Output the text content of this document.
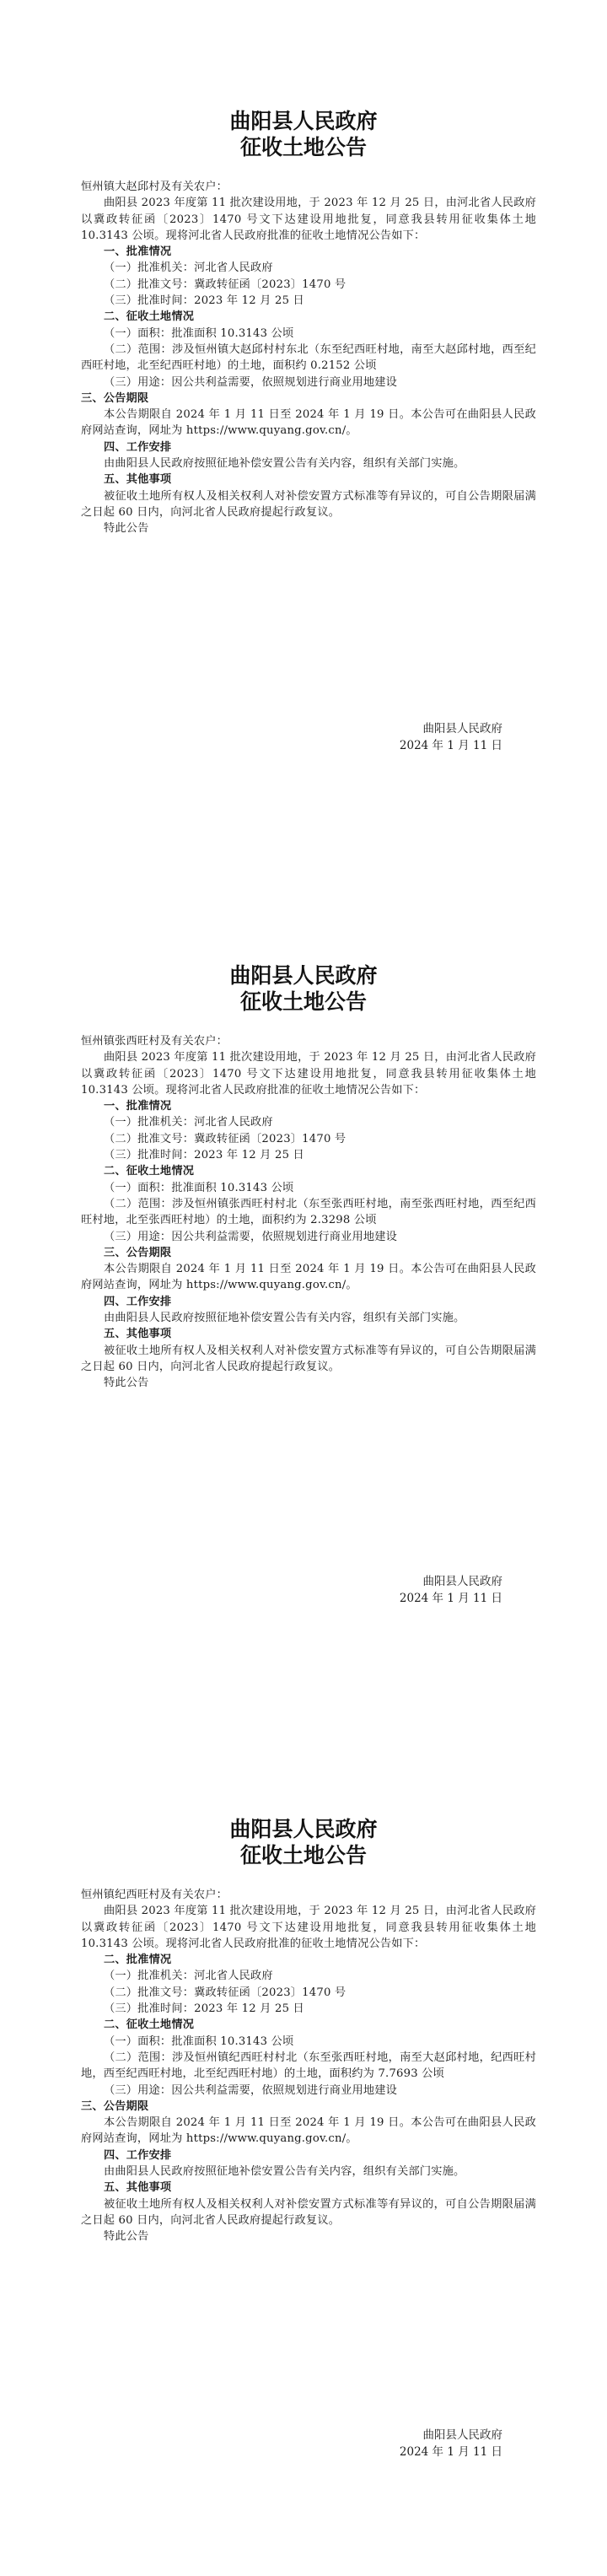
曲阳县人民政府
征收土地公告

恒州镇大赵邱村及有关农户：

曲阳县 2023 年度第 11 批次建设用地，于 2023 年 12 月 25 日，由河北省人民政府以冀政转征函〔2023〕1470 号文下达建设用地批复，同意我县转用征收集体土地 10.3143 公顷。现将河北省人民政府批准的征收土地情况公告如下：

一、批准情况

（一）批准机关：河北省人民政府

（二）批准文号：冀政转征函〔2023〕1470 号

（三）批准时间：2023 年 12 月 25 日

二、征收土地情况

（一）面积：批准面积 10.3143 公顷

（二）范围：涉及恒州镇大赵邱村村东北（东至纪西旺村地，南至大赵邱村地，西至纪西旺村地，北至纪西旺村地）的土地，面积约 0.2152 公顷

（三）用途：因公共利益需要，依照规划进行商业用地建设

三、公告期限

本公告期限自 2024 年 1 月 11 日至 2024 年 1 月 19 日。本公告可在曲阳县人民政府网站查询，网址为 https://www.quyang.gov.cn/。

四、工作安排

由曲阳县人民政府按照征地补偿安置公告有关内容，组织有关部门实施。

五、其他事项

被征收土地所有权人及相关权利人对补偿安置方式标准等有异议的，可自公告期限届满之日起 60 日内，向河北省人民政府提起行政复议。

特此公告

曲阳县人民政府
2024 年 1 月 11 日
曲阳县人民政府
征收土地公告

恒州镇张西旺村及有关农户：

曲阳县 2023 年度第 11 批次建设用地，于 2023 年 12 月 25 日，由河北省人民政府以冀政转征函〔2023〕1470 号文下达建设用地批复，同意我县转用征收集体土地 10.3143 公顷。现将河北省人民政府批准的征收土地情况公告如下：

一、批准情况

（一）批准机关：河北省人民政府

（二）批准文号：冀政转征函〔2023〕1470 号

（三）批准时间：2023 年 12 月 25 日

二、征收土地情况

（一）面积：批准面积 10.3143 公顷

（二）范围：涉及恒州镇张西旺村村北（东至张西旺村地，南至张西旺村地，西至纪西旺村地，北至张西旺村地）的土地，面积约为 2.3298 公顷

（三）用途：因公共利益需要，依照规划进行商业用地建设

三、公告期限

本公告期限自 2024 年 1 月 11 日至 2024 年 1 月 19 日。本公告可在曲阳县人民政府网站查询，网址为 https://www.quyang.gov.cn/。

四、工作安排

由曲阳县人民政府按照征地补偿安置公告有关内容，组织有关部门实施。

五、其他事项

被征收土地所有权人及相关权利人对补偿安置方式标准等有异议的，可自公告期限届满之日起 60 日内，向河北省人民政府提起行政复议。

特此公告

曲阳县人民政府
2024 年 1 月 11 日
曲阳县人民政府
征收土地公告

恒州镇纪西旺村及有关农户：

曲阳县 2023 年度第 11 批次建设用地，于 2023 年 12 月 25 日，由河北省人民政府以冀政转征函〔2023〕1470 号文下达建设用地批复，同意我县转用征收集体土地 10.3143 公顷。现将河北省人民政府批准的征收土地情况公告如下：

二、批准情况

（一）批准机关：河北省人民政府

（二）批准文号：冀政转征函〔2023〕1470 号

（三）批准时间：2023 年 12 月 25 日

二、征收土地情况

（一）面积：批准面积 10.3143 公顷

（二）范围：涉及恒州镇纪西旺村村北（东至张西旺村地，南至大赵邱村地，纪西旺村地，西至纪西旺村地，北至纪西旺村地）的土地，面积约为 7.7693 公顷

（三）用途：因公共利益需要，依照规划进行商业用地建设

三、公告期限

本公告期限自 2024 年 1 月 11 日至 2024 年 1 月 19 日。本公告可在曲阳县人民政府网站查询，网址为 https://www.quyang.gov.cn/。

四、工作安排

由曲阳县人民政府按照征地补偿安置公告有关内容，组织有关部门实施。

五、其他事项

被征收土地所有权人及相关权利人对补偿安置方式标准等有异议的，可自公告期限届满之日起 60 日内，向河北省人民政府提起行政复议。

特此公告

曲阳县人民政府
2024 年 1 月 11 日
